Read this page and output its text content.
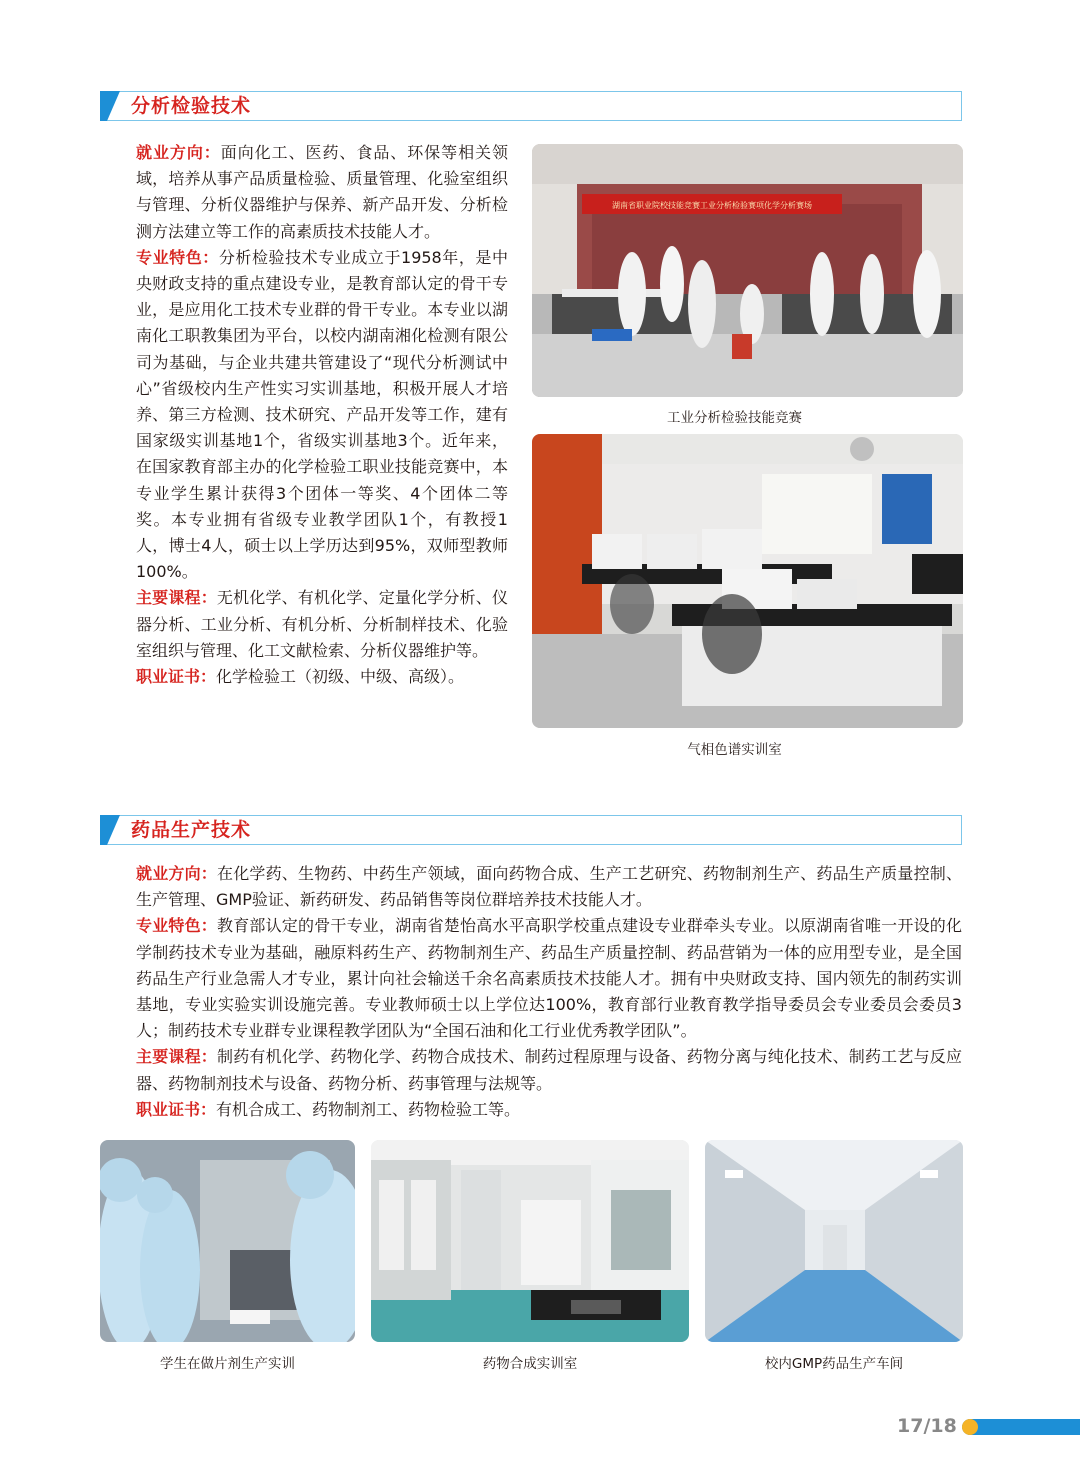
分析检验技术

就业方向：面向化工、医药、食品、环保等相关领域，培养从事产品质量检验、质量管理、化验室组织与管理、分析仪器维护与保养、新产品开发、分析检测方法建立等工作的高素质技术技能人才。

专业特色：分析检验技术专业成立于1958年，是中央财政支持的重点建设专业，是教育部认定的骨干专业，是应用化工技术专业群的骨干专业。本专业以湖南化工职教集团为平台，以校内湖南湘化检测有限公司为基础，与企业共建共管建设了“现代分析测试中心”省级校内生产性实习实训基地，积极开展人才培养、第三方检测、技术研究、产品开发等工作，建有国家级实训基地1个，省级实训基地3个。近年来，在国家教育部主办的化学检验工职业技能竞赛中，本专业学生累计获得3个团体一等奖、4个团体二等奖。本专业拥有省级专业教学团队1个，有教授1人，博士4人，硕士以上学历达到95%，双师型教师100%。

主要课程：无机化学、有机化学、定量化学分析、仪器分析、工业分析、有机分析、分析制样技术、化验室组织与管理、化工文献检索、分析仪器维护等。

职业证书：化学检验工（初级、中级、高级）。

湖南省职业院校技能竞赛工业分析检验赛项化学分析赛场
工业分析检验技能竞赛
气相色谱实训室
药品生产技术

就业方向：在化学药、生物药、中药生产领域，面向药物合成、生产工艺研究、药物制剂生产、药品生产质量控制、生产管理、GMP验证、新药研发、药品销售等岗位群培养技术技能人才。

专业特色：教育部认定的骨干专业，湖南省楚怡高水平高职学校重点建设专业群牵头专业。以原湖南省唯一开设的化学制药技术专业为基础，融原料药生产、药物制剂生产、药品生产质量控制、药品营销为一体的应用型专业，是全国药品生产行业急需人才专业，累计向社会输送千余名高素质技术技能人才。拥有中央财政支持、国内领先的制药实训基地，专业实验实训设施完善。专业教师硕士以上学位达100%，教育部行业教育教学指导委员会专业委员会委员3人；制药技术专业群专业课程教学团队为“全国石油和化工行业优秀教学团队”。

主要课程：制药有机化学、药物化学、药物合成技术、制药过程原理与设备、药物分离与纯化技术、制药工艺与反应器、药物制剂技术与设备、药物分析、药事管理与法规等。

职业证书：有机合成工、药物制剂工、药物检验工等。

学生在做片剂生产实训	药物合成实训室	校内GMP药品生产车间
17/18
